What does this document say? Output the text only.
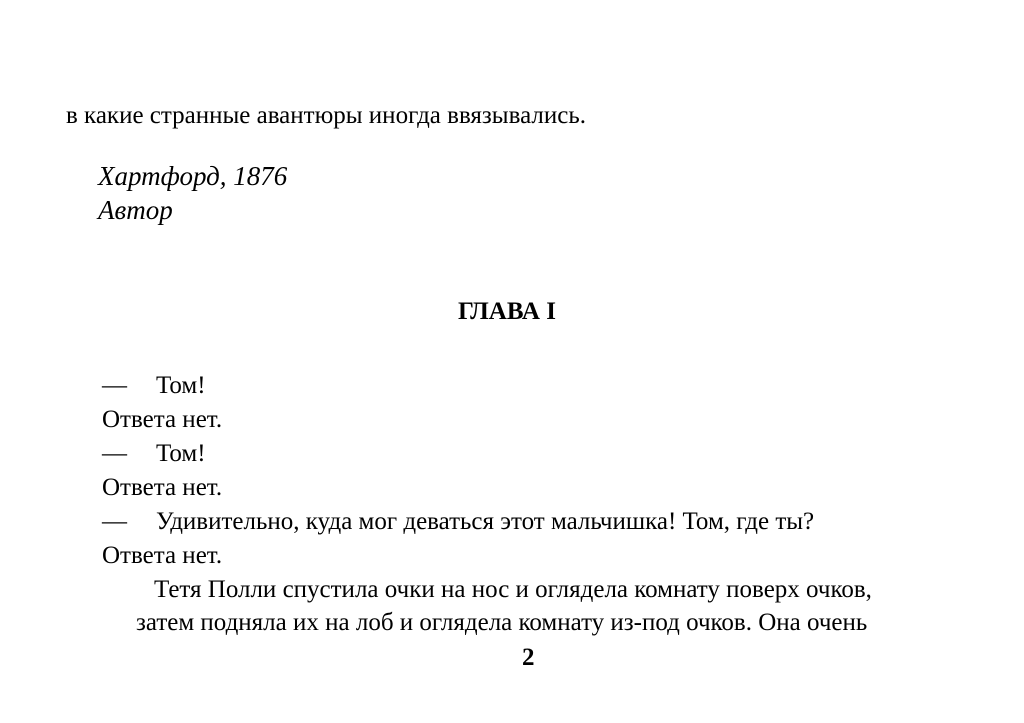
в какие странные авантюры иногда ввязывались.
Хартфорд, 1876
Автор
ГЛАВА I
— Том!
Ответа нет.
— Том!
Ответа нет.
— Удивительно, куда мог деваться этот мальчишка! Том, где ты?
Ответа нет.
Тетя Полли спустила очки на нос и оглядела комнату поверх очков,
затем подняла их на лоб и оглядела комнату из-под очков. Она очень
2
